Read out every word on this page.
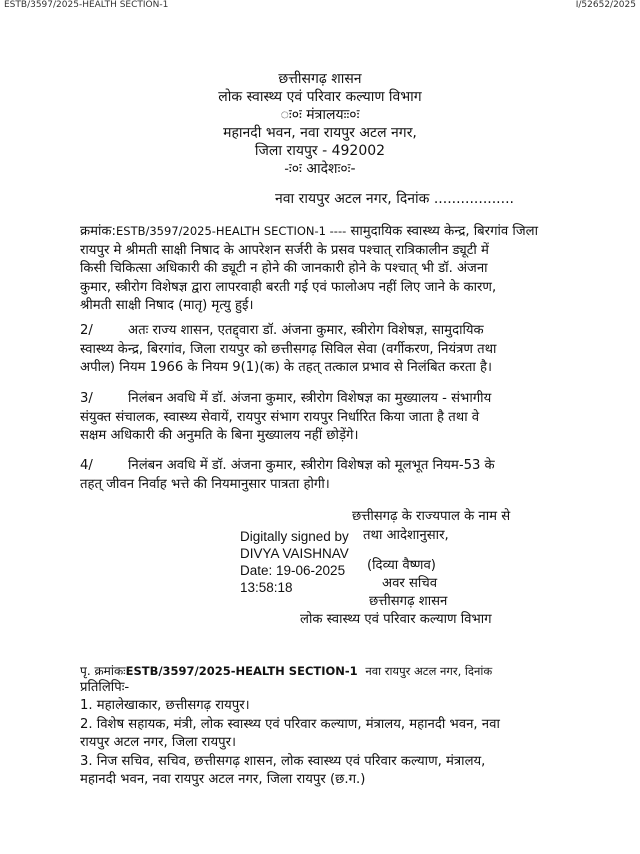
ESTB/3597/2025-HEALTH SECTION-1	I/52652/2025
छत्तीसगढ़ शासन
लोक स्वास्थ्य एवं परिवार कल्याण विभाग
ः०ः मंत्रालयःः०ः
महानदी भवन, नवा रायपुर अटल नगर,
जिला रायपुर - 492002
-ः०ः आदेशः०ः-
नवा रायपुर अटल नगर, दिनांक ..................
क्रमांक:ESTB/3597/2025-HEALTH SECTION-1 ---- सामुदायिक स्वास्थ्य केन्द्र, बिरगांव जिला
रायपुर मे श्रीमती साक्षी निषाद के आपरेशन सर्जरी के प्रसव पश्चात् रात्रिकालीन ड्यूटी में
किसी चिकित्सा अधिकारी की ड्यूटी न होने की जानकारी होने के पश्चात् भी डॉ. अंजना
कुमार, स्त्रीरोग विशेषज्ञ द्वारा लापरवाही बरती गई एवं फालोअप नहीं लिए जाने के कारण,
श्रीमती साक्षी निषाद (मातृ) मृत्यु हुई।
2/	अतः राज्य शासन, एतद्द्वारा डॉ. अंजना कुमार, स्त्रीरोग विशेषज्ञ, सामुदायिक
स्वास्थ्य केन्द्र, बिरगांव, जिला रायपुर को छत्तीसगढ़ सिविल सेवा (वर्गीकरण, नियंत्रण तथा
अपील) नियम 1966 के नियम 9(1)(क) के तहत् तत्काल प्रभाव से निलंबित करता है।
3/	निलंबन अवधि में डॉ. अंजना कुमार, स्त्रीरोग विशेषज्ञ का मुख्यालय - संभागीय
संयुक्त संचालक, स्वास्थ्य सेवायें, रायपुर संभाग रायपुर निर्धारित किया जाता है तथा वे
सक्षम अधिकारी की अनुमति के बिना मुख्यालय नहीं छोड़ेंगे।
4/	निलंबन अवधि में डॉ. अंजना कुमार, स्त्रीरोग विशेषज्ञ को मूलभूत नियम-53 के
तहत् जीवन निर्वाह भत्ते की नियमानुसार पात्रता होगी।
छत्तीसगढ़ के राज्यपाल के नाम से
तथा आदेशानुसार,
Digitally signed by
DIVYA VAISHNAV
Date: 19-06-2025
13:58:18
(दिव्या वैष्णव)
अवर सचिव
छत्तीसगढ़ शासन
लोक स्वास्थ्य एवं परिवार कल्याण विभाग
पृ. क्रमांकःESTB/3597/2025-HEALTH SECTION-1 नवा रायपुर अटल नगर, दिनांक
प्रतिलिपिः-
1. महालेखाकार, छत्तीसगढ़ रायपुर।
2. विशेष सहायक, मंत्री, लोक स्वास्थ्य एवं परिवार कल्याण, मंत्रालय, महानदी भवन, नवा
रायपुर अटल नगर, जिला रायपुर।
3. निज सचिव, सचिव, छत्तीसगढ़ शासन, लोक स्वास्थ्य एवं परिवार कल्याण, मंत्रालय,
महानदी भवन, नवा रायपुर अटल नगर, जिला रायपुर (छ.ग.)
